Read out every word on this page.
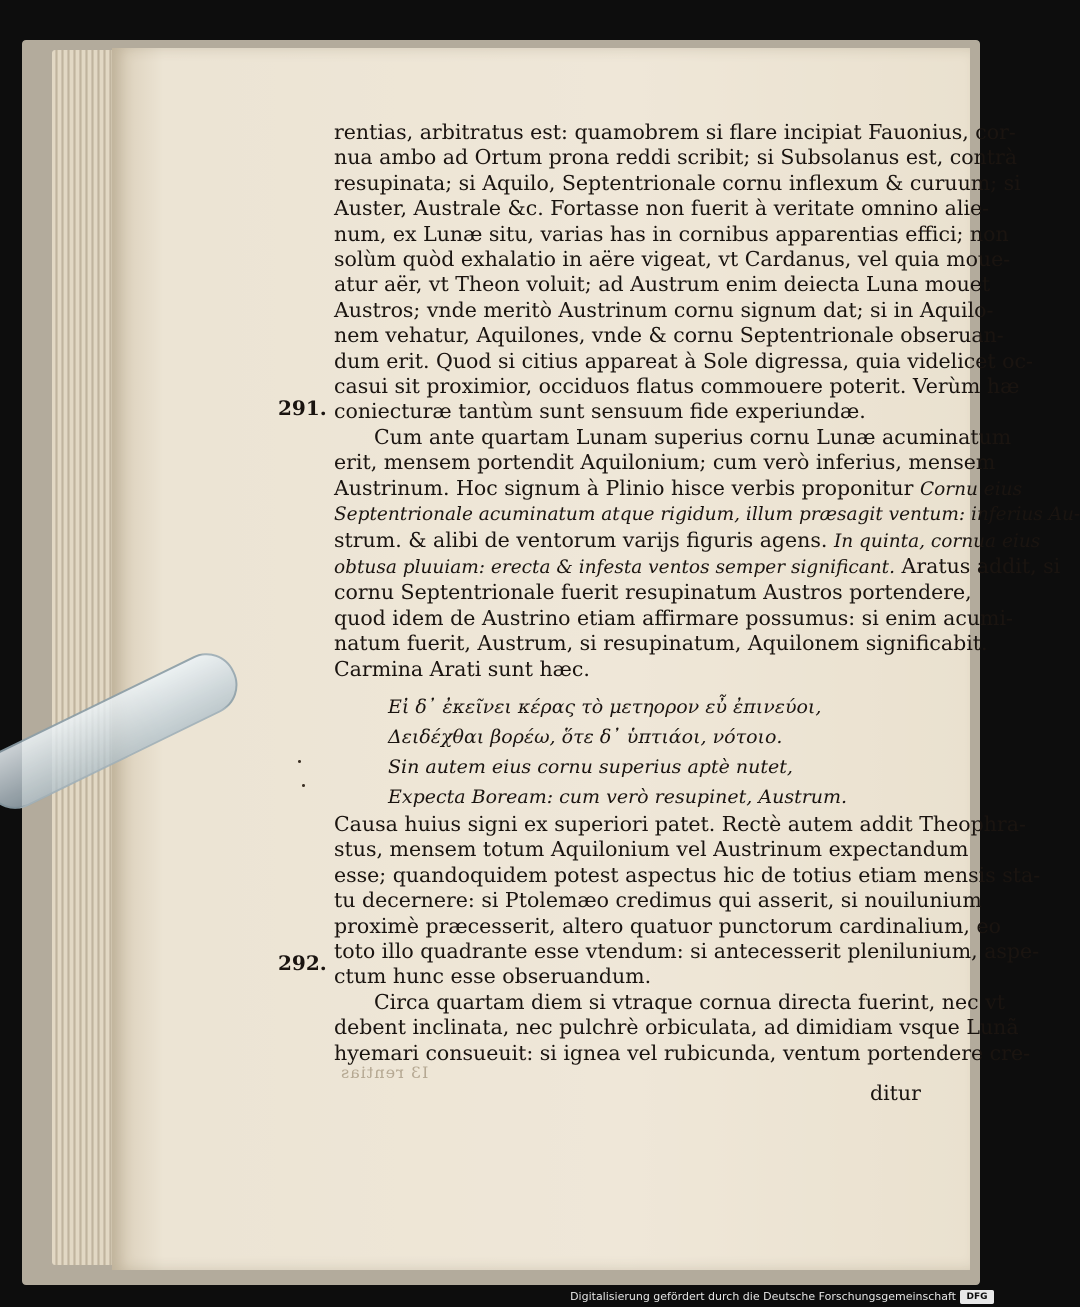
I3 rentias
291.
292.
rentias, arbitratus est: quamobrem si flare incipiat Fauonius, cor-
nua ambo ad Ortum prona reddi scribit; si Subsolanus est, contrà
resupinata; si Aquilo, Septentrionale cornu inflexum & curuum; si
Auster, Australe &c. Fortasse non fuerit à veritate omnino alie-
num, ex Lunæ situ, varias has in cornibus apparentias effici; non
solùm quòd exhalatio in aëre vigeat, vt Cardanus, vel quia moue-
atur aër, vt Theon voluit; ad Austrum enim deiecta Luna mouet
Austros; vnde meritò Austrinum cornu signum dat; si in Aquilo-
nem vehatur, Aquilones, vnde & cornu Septentrionale obseruan-
dum erit. Quod si citius appareat à Sole digressa, quia videlicet oc-
casui sit proximior, occiduos flatus commouere poterit. Verùm hæ
coniecturæ tantùm sunt sensuum fide experiundæ.
Cum ante quartam Lunam superius cornu Lunæ acuminatum
erit, mensem portendit Aquilonium; cum verò inferius, mensem
Austrinum. Hoc signum à Plinio hisce verbis proponitur Cornu eius
Septentrionale acuminatum atque rigidum, illum præsagit ventum: inferius Au-
strum. & alibi de ventorum varijs figuris agens. In quinta, cornua eius
obtusa pluuiam: erecta & infesta ventos semper significant. Aratus addit, si
cornu Septentrionale fuerit resupinatum Austros portendere,
quod idem de Austrino etiam affirmare possumus: si enim acumi-
natum fuerit, Austrum, si resupinatum, Aquilonem significabit.
Carmina Arati sunt hæc.
Εἰ δ᾽ ἐκεῖνει κέρας τὸ μετηορον εὖ ἐπινεύοι,
Δειδέχθαι βορέω, ὅτε δ᾽ ὑπτιάοι, νότοιο.
Sin autem eius cornu superius aptè nutet,
Expecta Boream: cum verò resupinet, Austrum.
Causa huius signi ex superiori patet. Rectè autem addit Theophra-
stus, mensem totum Aquilonium vel Austrinum expectandum
esse; quandoquidem potest aspectus hic de totius etiam mensis sta-
tu decernere: si Ptolemæo credimus qui asserit, si nouilunium
proximè præcesserit, altero quatuor punctorum cardinalium, eo
toto illo quadrante esse vtendum: si antecesserit plenilunium, aspe-
ctum hunc esse obseruandum.
Circa quartam diem si vtraque cornua directa fuerint, nec vt
debent inclinata, nec pulchrè orbiculata, ad dimidiam vsque Lunã
hyemari consueuit: si ignea vel rubicunda, ventum portendere cre-
ditur
Digitalisierung gefördert durch die Deutsche Forschungsgemeinschaft	DFG
